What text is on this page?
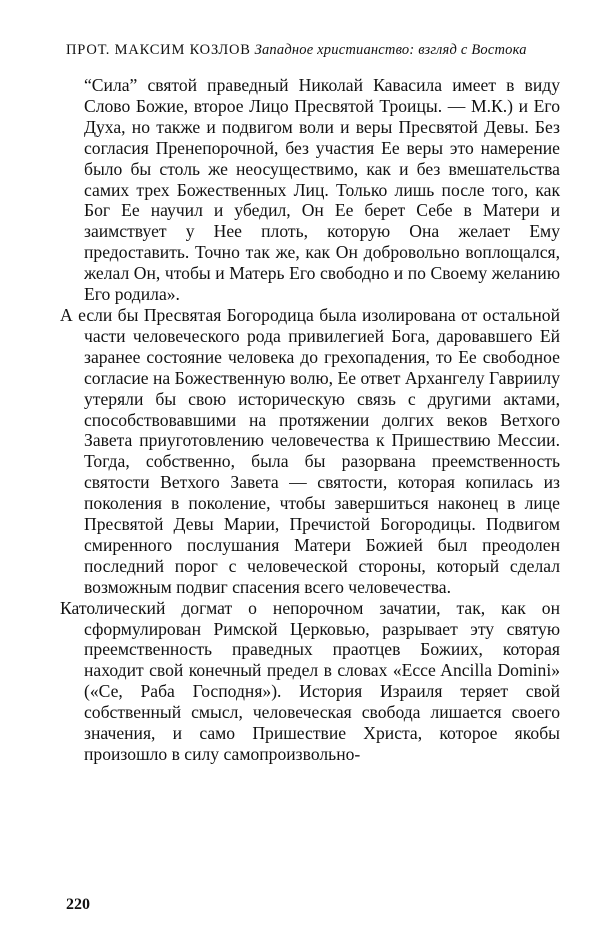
ПРОТ. МАКСИМ КОЗЛОВ Западное христианство: взгляд с Востока

“Сила” святой праведный Николай Кавасила имеет в виду Слово Божие, второе Лицо Пресвятой Троицы. — М.К.) и Его Духа, но также и подвигом воли и веры Пресвятой Девы. Без согласия Пренепорочной, без участия Ее веры это намерение было бы столь же неосуществимо, как и без вмешательства самих трех Божественных Лиц. Только лишь после того, как Бог Ее научил и убедил, Он Ее берет Себе в Матери и заимствует у Нее плоть, которую Она желает Ему предоставить. Точно так же, как Он добровольно воплощался, желал Он, чтобы и Матерь Его свободно и по Своему желанию Его родила».

А если бы Пресвятая Богородица была изолирована от остальной части человеческого рода привилегией Бога, даровавшего Ей заранее состояние человека до грехопадения, то Ее свободное согласие на Божественную волю, Ее ответ Архангелу Гавриилу утеряли бы свою историческую связь с другими актами, способствовавшими на протяжении долгих веков Ветхого Завета приуготовлению человечества к Пришествию Мессии. Тогда, собственно, была бы разорвана преемственность святости Ветхого Завета — святости, которая копилась из поколения в поколение, чтобы завершиться наконец в лице Пресвятой Девы Марии, Пречистой Богородицы. Подвигом смиренного послушания Матери Божией был преодолен последний порог с человеческой стороны, который сделал возможным подвиг спасения всего человечества.

Католический догмат о непорочном зачатии, так, как он сформулирован Римской Церковью, разрывает эту святую преемственность праведных праотцев Божиих, которая находит свой конечный предел в словах «Ecce Ancilla Domini» («Се, Раба Господня»). История Израиля теряет свой собственный смысл, человеческая свобода лишается своего значения, и само Пришествие Христа, которое якобы произошло в силу самопроизвольно-

220
